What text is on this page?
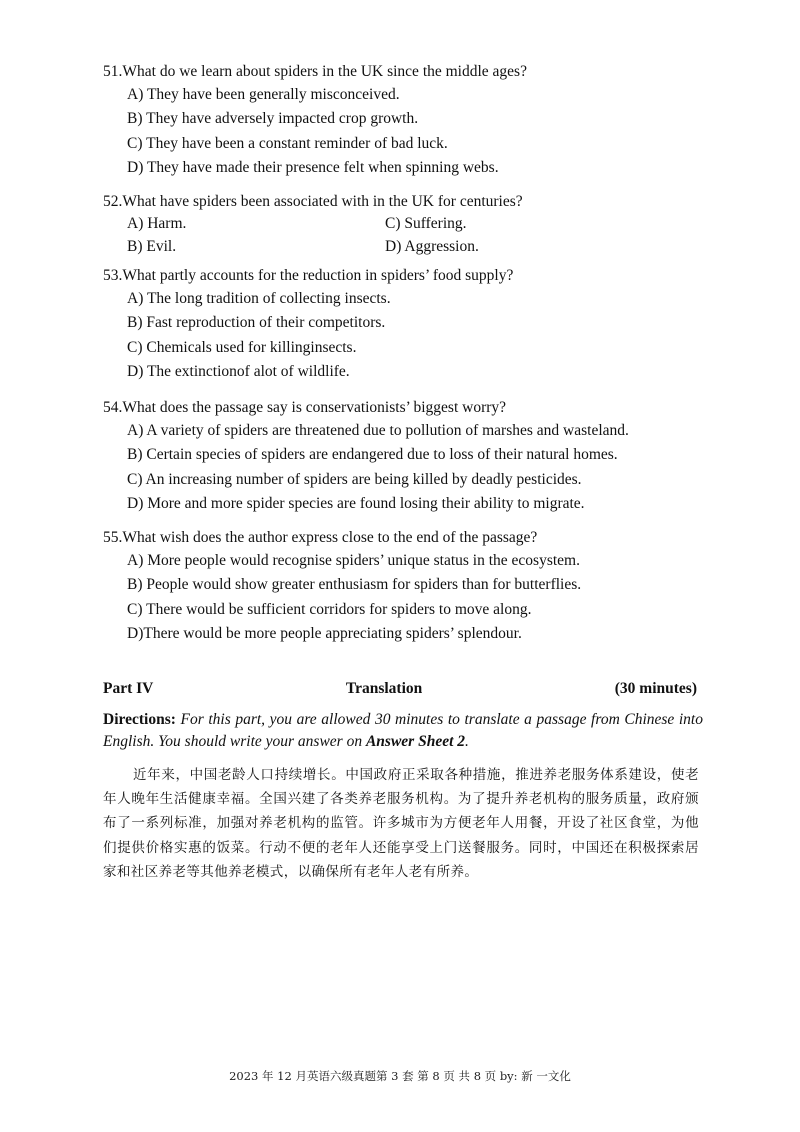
51.What do we learn about spiders in the UK since the middle ages?

A) They have been generally misconceived.

B) They have adversely impacted crop growth.

C) They have been a constant reminder of bad luck.

D) They have made their presence felt when spinning webs.

52.What have spiders been associated with in the UK for centuries?

A) Harm.	C) Suffering.
B) Evil.	D) Aggression.

53.What partly accounts for the reduction in spiders’ food supply?

A) The long tradition of collecting insects.

B) Fast reproduction of their competitors.

C) Chemicals used for killinginsects.

D) The extinctionof alot of wildlife.

54.What does the passage say is conservationists’ biggest worry?

A) A variety of spiders are threatened due to pollution of marshes and wasteland.

B) Certain species of spiders are endangered due to loss of their natural homes.

C) An increasing number of spiders are being killed by deadly pesticides.

D) More and more spider species are found losing their ability to migrate.

55.What wish does the author express close to the end of the passage?

A) More people would recognise spiders’ unique status in the ecosystem.

B) People would show greater enthusiasm for spiders than for butterflies.

C) There would be sufficient corridors for spiders to move along.

D)There would be more people appreciating spiders’ splendour.

Part IV	Translation	(30 minutes)
Directions: For this part, you are allowed 30 minutes to translate a passage from Chinese into English. You should write your answer on Answer Sheet 2.
近年来，中国老龄人口持续增长。中国政府正采取各种措施，推进养老服务体系建设，使老年人晚年生活健康幸福。全国兴建了各类养老服务机构。为了提升养老机构的服务质量，政府颁布了一系列标准，加强对养老机构的监管。许多城市为方便老年人用餐，开设了社区食堂，为他们提供价格实惠的饭菜。行动不便的老年人还能享受上门送餐服务。同时，中国还在积极探索居家和社区养老等其他养老模式，以确保所有老年人老有所养。
2023 年 12 月英语六级真题第 3 套 第 8 页 共 8 页 by: 新 一文化
